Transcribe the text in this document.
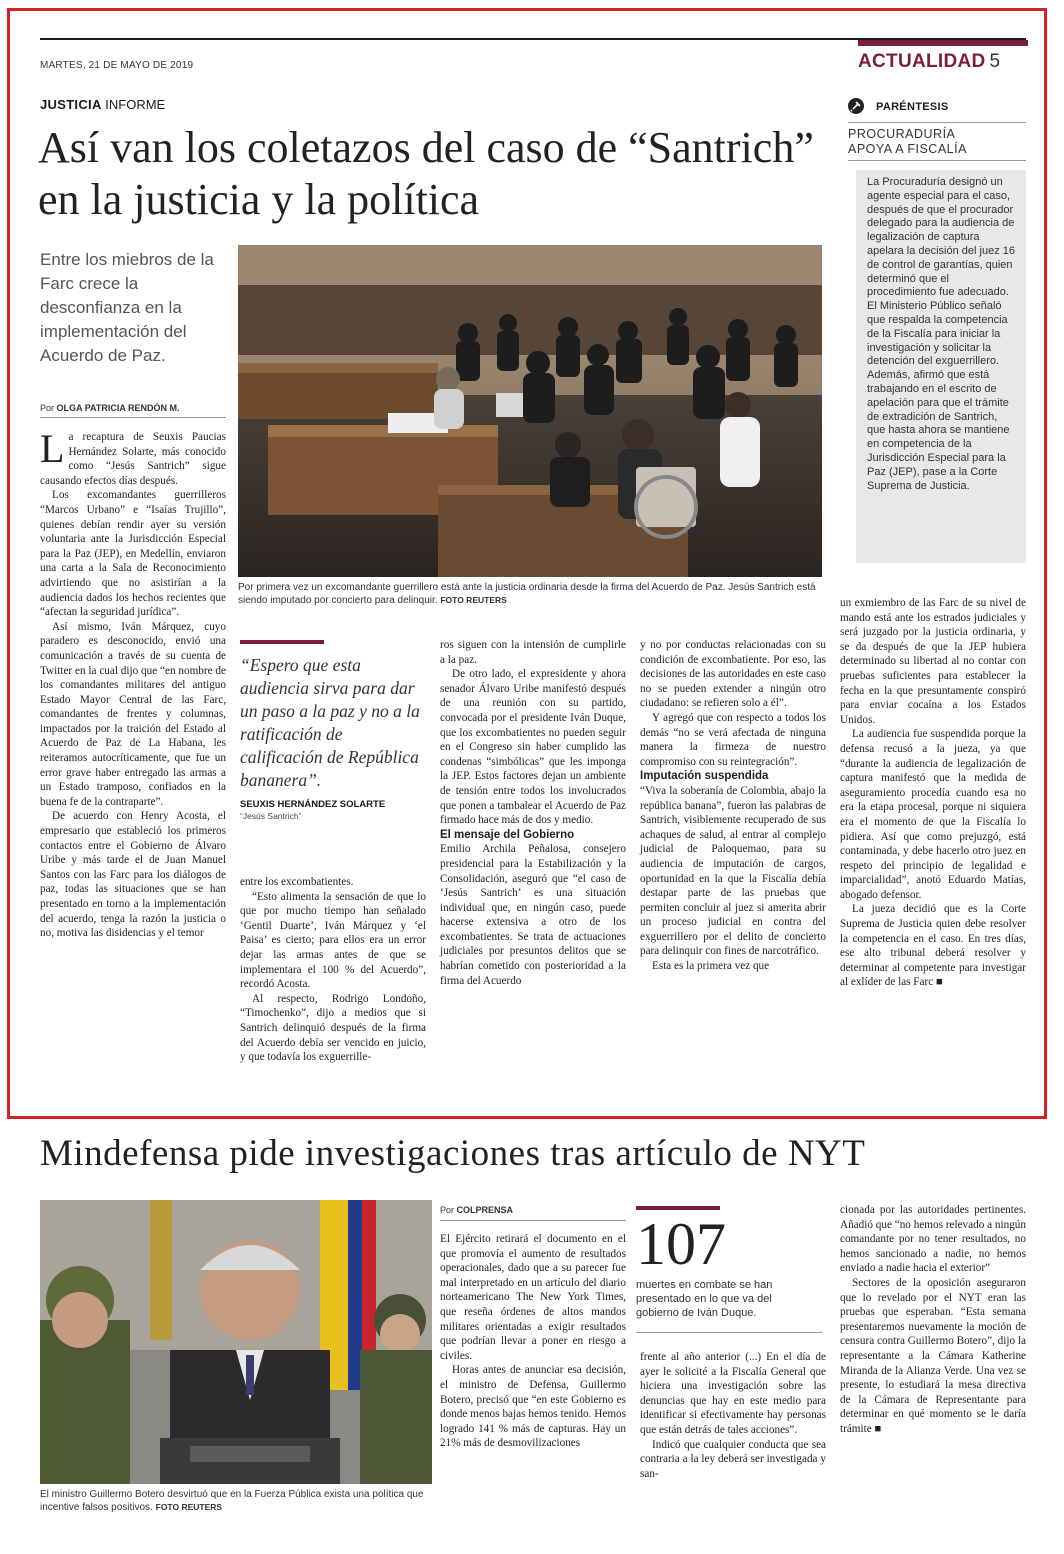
MARTES, 21 DE MAYO DE 2019	ACTUALIDAD 5
JUSTICIA INFORME
Así van los coletazos del caso de “Santrich” en la justicia y la política
Entre los miebros de la Farc crece la desconfianza en la implementación del Acuerdo de Paz.
Por OLGA PATRICIA RENDÓN M.
Por primera vez un excomandante guerrillero está ante la justicia ordinaria desde la firma del Acuerdo de Paz. Jesús Santrich está siendo imputado por concierto para delinquir. FOTO REUTERS
PARÉNTESIS
PROCURADURÍA
APOYA A FISCALÍA
La Procuraduría designó un agente especial para el caso, después de que el procurador delegado para la audiencia de legalización de captura apelara la decisión del juez 16 de control de garantías, quien determinó que el procedimiento fue adecuado. El Ministerio Público señaló que respalda la competencia de la Fiscalía para iniciar la investigación y solicitar la detención del exguerrillero. Además, afirmó que está trabajando en el escrito de apelación para que el trámite de extradición de Santrich, que hasta ahora se mantiene en competencia de la Jurisdicción Especial para la Paz (JEP), pase a la Corte Suprema de Justicia.
“Espero que esta audiencia sirva para dar un paso a la paz y no a la ratificación de calificación de República bananera”.
SEUXIS HERNÁNDEZ SOLARTE
“Jesús Santrich”

La recaptura de Seuxis Paucias Hernández Solarte, más conocido como “Jesús Santrich” sigue causando efectos días después.

Los excomandantes guerrilleros “Marcos Urbano” e “Isaías Trujillo”, quienes debían rendir ayer su versión voluntaria ante la Jurisdicción Especial para la Paz (JEP), en Medellín, enviaron una carta a la Sala de Reconocimiento advirtiendo que no asistirían a la audiencia dados los hechos recientes que “afectan la seguridad jurídica”.

Así mismo, Iván Márquez, cuyo paradero es desconocido, envió una comunicación a través de su cuenta de Twitter en la cual dijo que “en nombre de los comandantes militares del antiguo Estado Mayor Central de las Farc, comandantes de frentes y columnas, impactados por la traición del Estado al Acuerdo de Paz de La Habana, les reiteramos autocríticamente, que fue un error grave haber entregado las armas a un Estado tramposo, confiados en la buena fe de la contraparte”.

De acuerdo con Henry Acosta, el empresario que estableció los primeros contactos entre el Gobierno de Álvaro Uribe y más tarde el de Juan Manuel Santos con las Farc para los diálogos de paz, todas las situaciones que se han presentado en torno a la implementación del acuerdo, tenga la razón la justicia o no, motiva las disidencias y el temor

entre los excombatientes.

“Esto alimenta la sensación de que lo que por mucho tiempo han señalado ‘Gentil Duarte’, Iván Márquez y ‘el Paisa’ es cierto; para ellos era un error dejar las armas antes de que se implementara el 100 % del Acuerdo”, recordó Acosta.

Al respecto, Rodrigo Londoño, “Timochenko”, dijo a medios que si Santrich delinquió después de la firma del Acuerdo debía ser vencido en juicio, y que todavía los exguerrille-

ros siguen con la intensión de cumplirle a la paz.

De otro lado, el expresidente y ahora senador Álvaro Uribe manifestó después de una reunión con su partido, convocada por el presidente Iván Duque, que los excombatientes no pueden seguir en el Congreso sin haber cumplido las condenas “simbólicas” que les imponga la JEP. Estos factores dejan un ambiente de tensión entre todos los involucrados que ponen a tambalear el Acuerdo de Paz firmado hace más de dos y medio.

El mensaje del Gobierno

Emilio Archila Peñalosa, consejero presidencial para la Estabilización y la Consolidación, aseguró que “el caso de ‘Jesús Santrich’ es una situación individual que, en ningún caso, puede hacerse extensiva a otro de los excombatientes. Se trata de actuaciones judiciales por presuntos delitos que se habrían cometido con posterioridad a la firma del Acuerdo

y no por conductas relacionadas con su condición de excombatiente. Por eso, las decisiones de las autoridades en este caso no se pueden extender a ningún otro ciudadano: se refieren solo a él”.

Y agregó que con respecto a todos los demás “no se verá afectada de ninguna manera la firmeza de nuestro compromiso con su reintegración”.

Imputación suspendida

“Viva la soberanía de Colombia, abajo la república banana”, fueron las palabras de Santrich, visiblemente recuperado de sus achaques de salud, al entrar al complejo judicial de Paloquemao, para su audiencia de imputación de cargos, oportunidad en la que la Fiscalía debía destapar parte de las pruebas que permiten concluir al juez si amerita abrir un proceso judicial en contra del exguerrillero por el delito de concierto para delinquir con fines de narcotráfico.

Esta es la primera vez que

un exmiembro de las Farc de su nivel de mando está ante los estrados judiciales y será juzgado por la justicia ordinaria, y se da después de que la JEP hubiera determinado su libertad al no contar con pruebas suficientes para establecer la fecha en la que presuntamente conspiró para enviar cocaína a los Estados Unidos.

La audiencia fue suspendida porque la defensa recusó a la jueza, ya que “durante la audiencia de legalización de captura manifestó que la medida de aseguramiento procedía cuando esa no era la etapa procesal, porque ni siquiera era el momento de que la Fiscalía lo pidiera. Así que como prejuzgó, está contaminada, y debe hacerlo otro juez en respeto del principio de legalidad e imparcialidad”, anotó Eduardo Matías, abogado defensor.

La jueza decidió que es la Corte Suprema de Justicia quien debe resolver la competencia en el caso. En tres días, ese alto tribunal deberá resolver y determinar al competente para investigar al exlíder de las Farc ■

Mindefensa pide investigaciones tras artículo de NYT
El ministro Guillermo Botero desvirtuó que en la Fuerza Pública exista una política que incentive falsos positivos. FOTO REUTERS
Por COLPRENSA

El Ejército retirará el documento en el que promovía el aumento de resultados operacionales, dado que a su parecer fue mal interpretado en un artículo del diario norteamericano The New York Times, que reseña órdenes de altos mandos militares orientadas a exigir resultados que podrían llevar a poner en riesgo a civiles.

Horas antes de anunciar esa decisión, el ministro de Defensa, Guillermo Botero, precisó que “en este Gobierno es donde menos bajas hemos tenido. Hemos logrado 141 % más de capturas. Hay un 21% más de desmovilizaciones

107
muertes en combate se han presentado en lo que va del gobierno de Iván Duque.

frente al año anterior (...) En el día de ayer le solicité a la Fiscalía General que hiciera una investigación sobre las denuncias que hay en este medio para identificar si efectivamente hay personas que están detrás de tales acciones”.

Indicó que cualquier conducta que sea contraria a la ley deberá ser investigada y san-

cionada por las autoridades pertinentes. Añadió que “no hemos relevado a ningún comandante por no tener resultados, no hemos sancionado a nadie, no hemos enviado a nadie hacia el exterior”

Sectores de la oposición aseguraron que lo revelado por el NYT eran las pruebas que esperaban. “Esta semana presentaremos nuevamente la moción de censura contra Guillermo Botero”, dijo la representante a la Cámara Katherine Miranda de la Alianza Verde. Una vez se presente, lo estudiará la mesa directiva de la Cámara de Representante para determinar en qué momento se le daría trámite ■
